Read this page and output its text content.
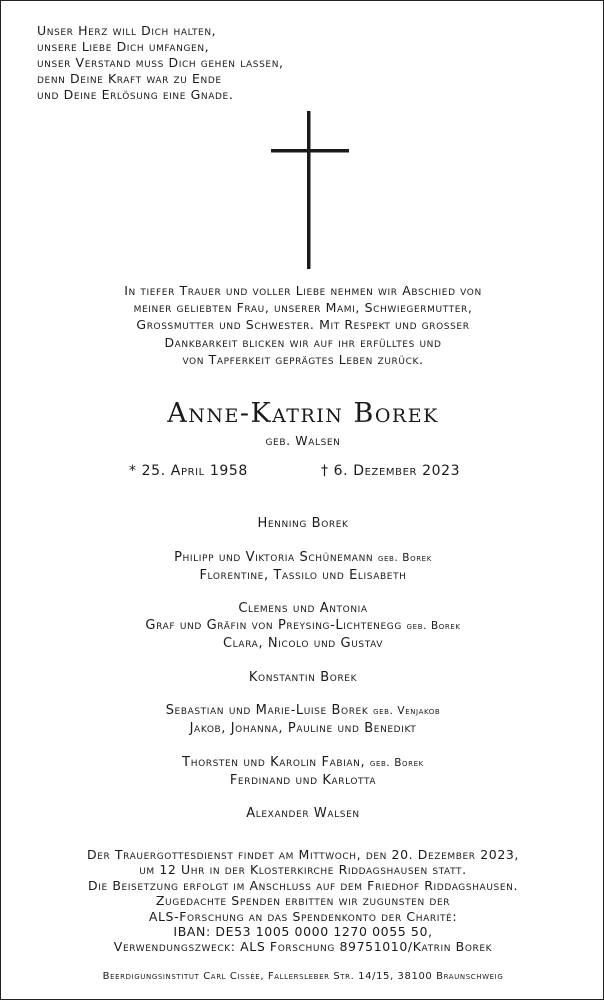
Unser Herz will Dich halten,
unsere Liebe Dich umfangen,
unser Verstand muss Dich gehen lassen,
denn Deine Kraft war zu Ende
und Deine Erlösung eine Gnade.
In tiefer Trauer und voller Liebe nehmen wir Abschied von
meiner geliebten Frau, unserer Mami, Schwiegermutter,
Grossmutter und Schwester. Mit Respekt und grosser
Dankbarkeit blicken wir auf ihr erfülltes und
von Tapferkeit geprägtes Leben zurück.
Anne-Katrin Borek
geb. Walsen
* 25. April 1958	† 6. Dezember 2023
Henning Borek
Philipp und Viktoria Schünemann geb. Borek
Florentine, Tassilo und Elisabeth
Clemens und Antonia
Graf und Gräfin von Preysing-Lichtenegg geb. Borek
Clara, Nicolo und Gustav
Konstantin Borek
Sebastian und Marie-Luise Borek geb. Venjakob
Jakob, Johanna, Pauline und Benedikt
Thorsten und Karolin Fabian, geb. Borek
Ferdinand und Karlotta
Alexander Walsen
Der Trauergottesdienst findet am Mittwoch, den 20. Dezember 2023,
um 12 Uhr in der Klosterkirche Riddagshausen statt.
Die Beisetzung erfolgt im Anschluss auf dem Friedhof Riddagshausen.
Zugedachte Spenden erbitten wir zugunsten der
ALS-Forschung an das Spendenkonto der Charité:
IBAN: DE53 1005 0000 1270 0055 50,
Verwendungszweck: ALS Forschung 89751010/Katrin Borek
Beerdigungsinstitut Carl Cissée, Fallersleber Str. 14/15, 38100 Braunschweig
